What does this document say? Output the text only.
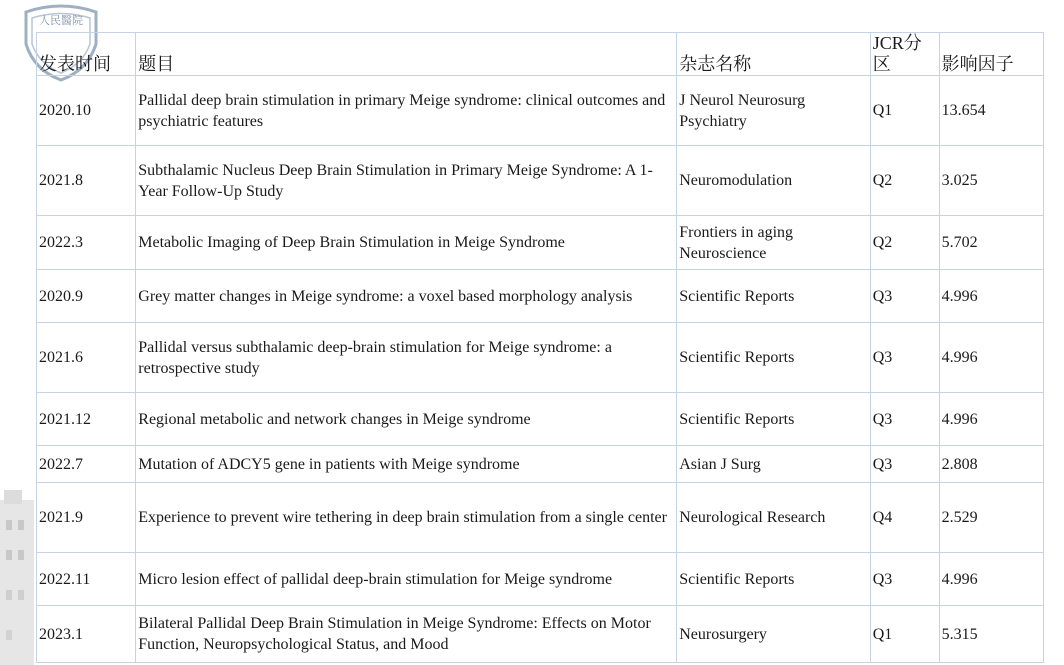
人民醫院
发表时间	题目	杂志名称	JCR分区	影响因子
2020.10	Pallidal deep brain stimulation in primary Meige syndrome: clinical outcomes and psychiatric features	J Neurol Neurosurg Psychiatry	Q1	13.654
2021.8	Subthalamic Nucleus Deep Brain Stimulation in Primary Meige Syndrome: A 1-Year Follow-Up Study	Neuromodulation	Q2	3.025
2022.3	Metabolic Imaging of Deep Brain Stimulation in Meige Syndrome	Frontiers in aging Neuroscience	Q2	5.702
2020.9	Grey matter changes in Meige syndrome: a voxel based morphology analysis	Scientific Reports	Q3	4.996
2021.6	Pallidal versus subthalamic deep-brain stimulation for Meige syndrome: a retrospective study	Scientific Reports	Q3	4.996
2021.12	Regional metabolic and network changes in Meige syndrome	Scientific Reports	Q3	4.996
2022.7	Mutation of ADCY5 gene in patients with Meige syndrome	Asian J Surg	Q3	2.808
2021.9	Experience to prevent wire tethering in deep brain stimulation from a single center	Neurological Research	Q4	2.529
2022.11	Micro lesion effect of pallidal deep-brain stimulation for Meige syndrome	Scientific Reports	Q3	4.996
2023.1	Bilateral Pallidal Deep Brain Stimulation in Meige Syndrome: Effects on Motor Function, Neuropsychological Status, and Mood	Neurosurgery	Q1	5.315
